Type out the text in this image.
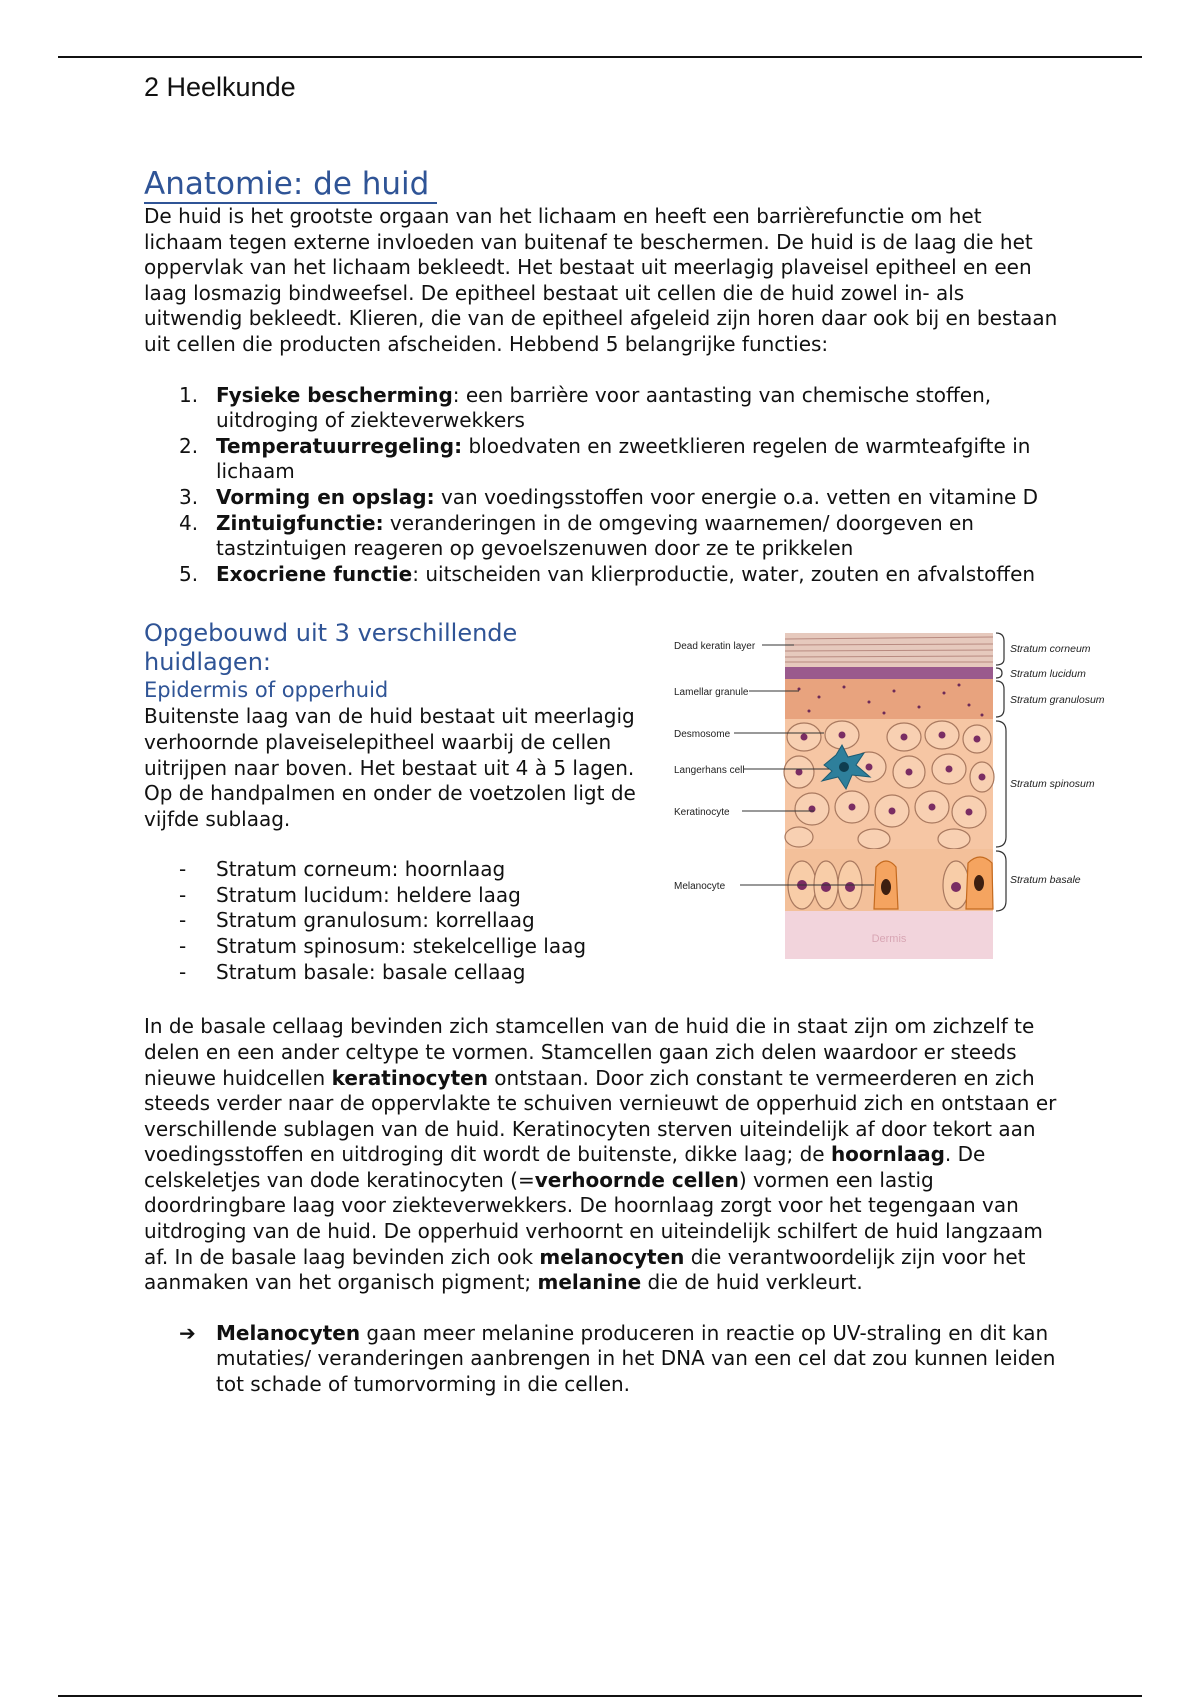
2 Heelkunde

Anatomie: de huid

De huid is het grootste orgaan van het lichaam en heeft een barrièrefunctie om het lichaam tegen externe invloeden van buitenaf te beschermen. De huid is de laag die het oppervlak van het lichaam bekleedt. Het bestaat uit meerlagig plaveisel epitheel en een laag losmazig bindweefsel. De epitheel bestaat uit cellen die de huid zowel in- als uitwendig bekleedt. Klieren, die van de epitheel afgeleid zijn horen daar ook bij en bestaan uit cellen die producten afscheiden. Hebbend 5 belangrijke functies:

1. Fysieke bescherming: een barrière voor aantasting van chemische stoffen, uitdroging of ziekteverwekkers
2. Temperatuurregeling: bloedvaten en zweetklieren regelen de warmteafgifte in lichaam
3. Vorming en opslag: van voedingsstoffen voor energie o.a. vetten en vitamine D
4. Zintuigfunctie: veranderingen in de omgeving waarnemen/ doorgeven en tastzintuigen reageren op gevoelszenuwen door ze te prikkelen
5. Exocriene functie: uitscheiden van klierproductie, water, zouten en afvalstoffen

Opgebouwd uit 3 verschillende huidlagen:

Epidermis of opperhuid

Buitenste laag van de huid bestaat uit meerlagig verhoornde plaveiselepitheel waarbij de cellen uitrijpen naar boven. Het bestaat uit 4 à 5 lagen. Op de handpalmen en onder de voetzolen ligt de vijfde sublaag.

- Stratum corneum: hoornlaag
- Stratum lucidum: heldere laag
- Stratum granulosum: korrellaag
- Stratum spinosum: stekelcellige laag
- Stratum basale: basale cellaag
Dermis
Dead keratin layer
Lamellar granule
Desmosome
Langerhans cell
Keratinocyte
Melanocyte
Stratum corneum
Stratum lucidum
Stratum granulosum
Stratum spinosum
Stratum basale

In de basale cellaag bevinden zich stamcellen van de huid die in staat zijn om zichzelf te delen en een ander celtype te vormen. Stamcellen gaan zich delen waardoor er steeds nieuwe huidcellen keratinocyten ontstaan. Door zich constant te vermeerderen en zich steeds verder naar de oppervlakte te schuiven vernieuwt de opperhuid zich en ontstaan er verschillende sublagen van de huid. Keratinocyten sterven uiteindelijk af door tekort aan voedingsstoffen en uitdroging dit wordt de buitenste, dikke laag; de hoornlaag. De celskeletjes van dode keratinocyten (=verhoornde cellen) vormen een lastig doordringbare laag voor ziekteverwekkers. De hoornlaag zorgt voor het tegengaan van uitdroging van de huid. De opperhuid verhoornt en uiteindelijk schilfert de huid langzaam af. In de basale laag bevinden zich ook melanocyten die verantwoordelijk zijn voor het aanmaken van het organisch pigment; melanine die de huid verkleurt.

➔ Melanocyten gaan meer melanine produceren in reactie op UV-straling en dit kan mutaties/ veranderingen aanbrengen in het DNA van een cel dat zou kunnen leiden tot schade of tumorvorming in die cellen.
